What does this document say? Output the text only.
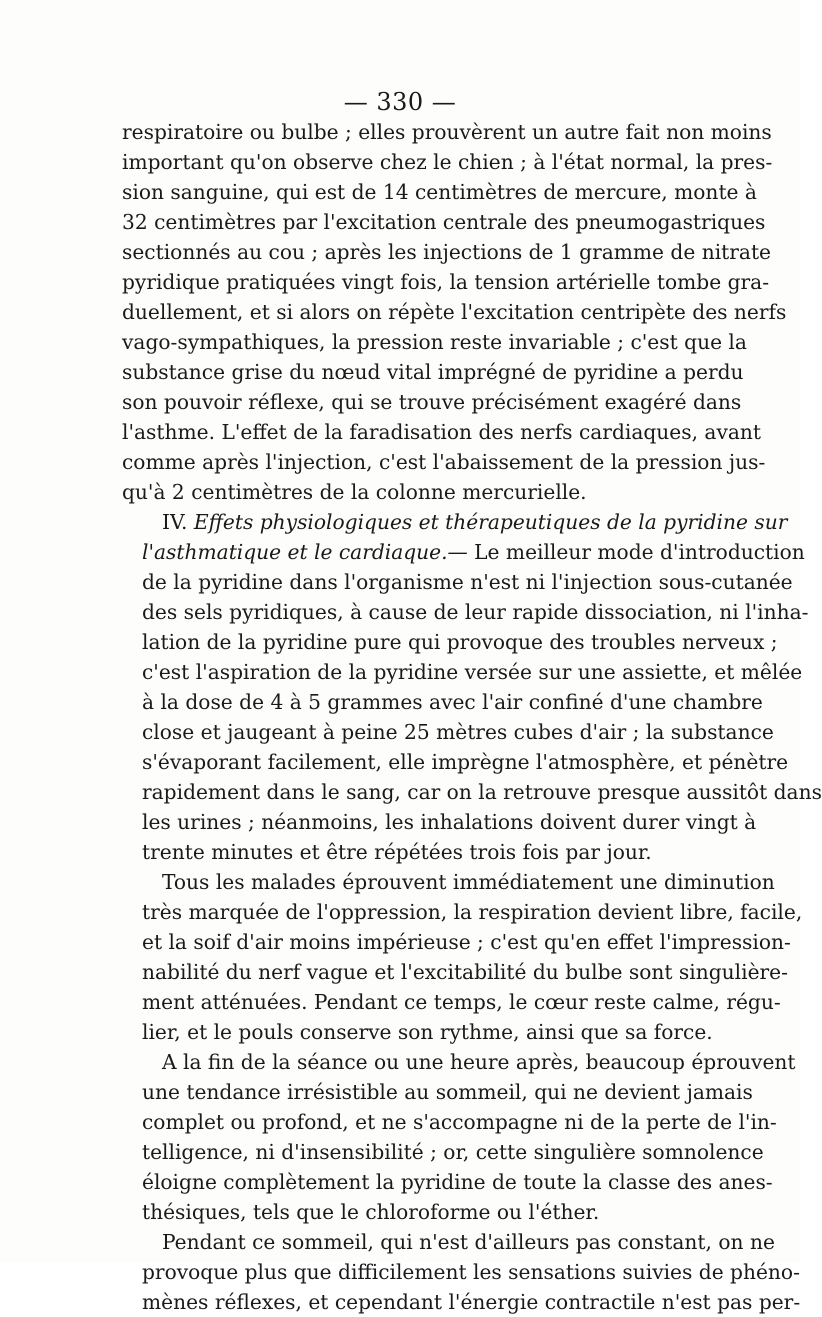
— 330 —
respiratoire ou bulbe ; elles prouvèrent un autre fait non moins
important qu'on observe chez le chien ; à l'état normal, la pres-
sion sanguine, qui est de 14 centimètres de mercure, monte à
32 centimètres par l'excitation centrale des pneumogastriques
sectionnés au cou ; après les injections de 1 gramme de nitrate
pyridique pratiquées vingt fois, la tension artérielle tombe gra-
duellement, et si alors on répète l'excitation centripète des nerfs
vago-sympathiques, la pression reste invariable ; c'est que la
substance grise du nœud vital imprégné de pyridine a perdu
son pouvoir réflexe, qui se trouve précisément exagéré dans
l'asthme. L'effet de la faradisation des nerfs cardiaques, avant
comme après l'injection, c'est l'abaissement de la pression jus-
qu'à 2 centimètres de la colonne mercurielle.
IV. Effets physiologiques et thérapeutiques de la pyridine sur
l'asthmatique et le cardiaque.— Le meilleur mode d'introduction
de la pyridine dans l'organisme n'est ni l'injection sous-cutanée
des sels pyridiques, à cause de leur rapide dissociation, ni l'inha-
lation de la pyridine pure qui provoque des troubles nerveux ;
c'est l'aspiration de la pyridine versée sur une assiette, et mêlée
à la dose de 4 à 5 grammes avec l'air confiné d'une chambre
close et jaugeant à peine 25 mètres cubes d'air ; la substance
s'évaporant facilement, elle imprègne l'atmosphère, et pénètre
rapidement dans le sang, car on la retrouve presque aussitôt dans
les urines ; néanmoins, les inhalations doivent durer vingt à
trente minutes et être répétées trois fois par jour.
Tous les malades éprouvent immédiatement une diminution
très marquée de l'oppression, la respiration devient libre, facile,
et la soif d'air moins impérieuse ; c'est qu'en effet l'impression-
nabilité du nerf vague et l'excitabilité du bulbe sont singulière-
ment atténuées. Pendant ce temps, le cœur reste calme, régu-
lier, et le pouls conserve son rythme, ainsi que sa force.
A la fin de la séance ou une heure après, beaucoup éprouvent
une tendance irrésistible au sommeil, qui ne devient jamais
complet ou profond, et ne s'accompagne ni de la perte de l'in-
telligence, ni d'insensibilité ; or, cette singulière somnolence
éloigne complètement la pyridine de toute la classe des anes-
thésiques, tels que le chloroforme ou l'éther.
Pendant ce sommeil, qui n'est d'ailleurs pas constant, on ne
provoque plus que difficilement les sensations suivies de phéno-
mènes réflexes, et cependant l'énergie contractile n'est pas per-
